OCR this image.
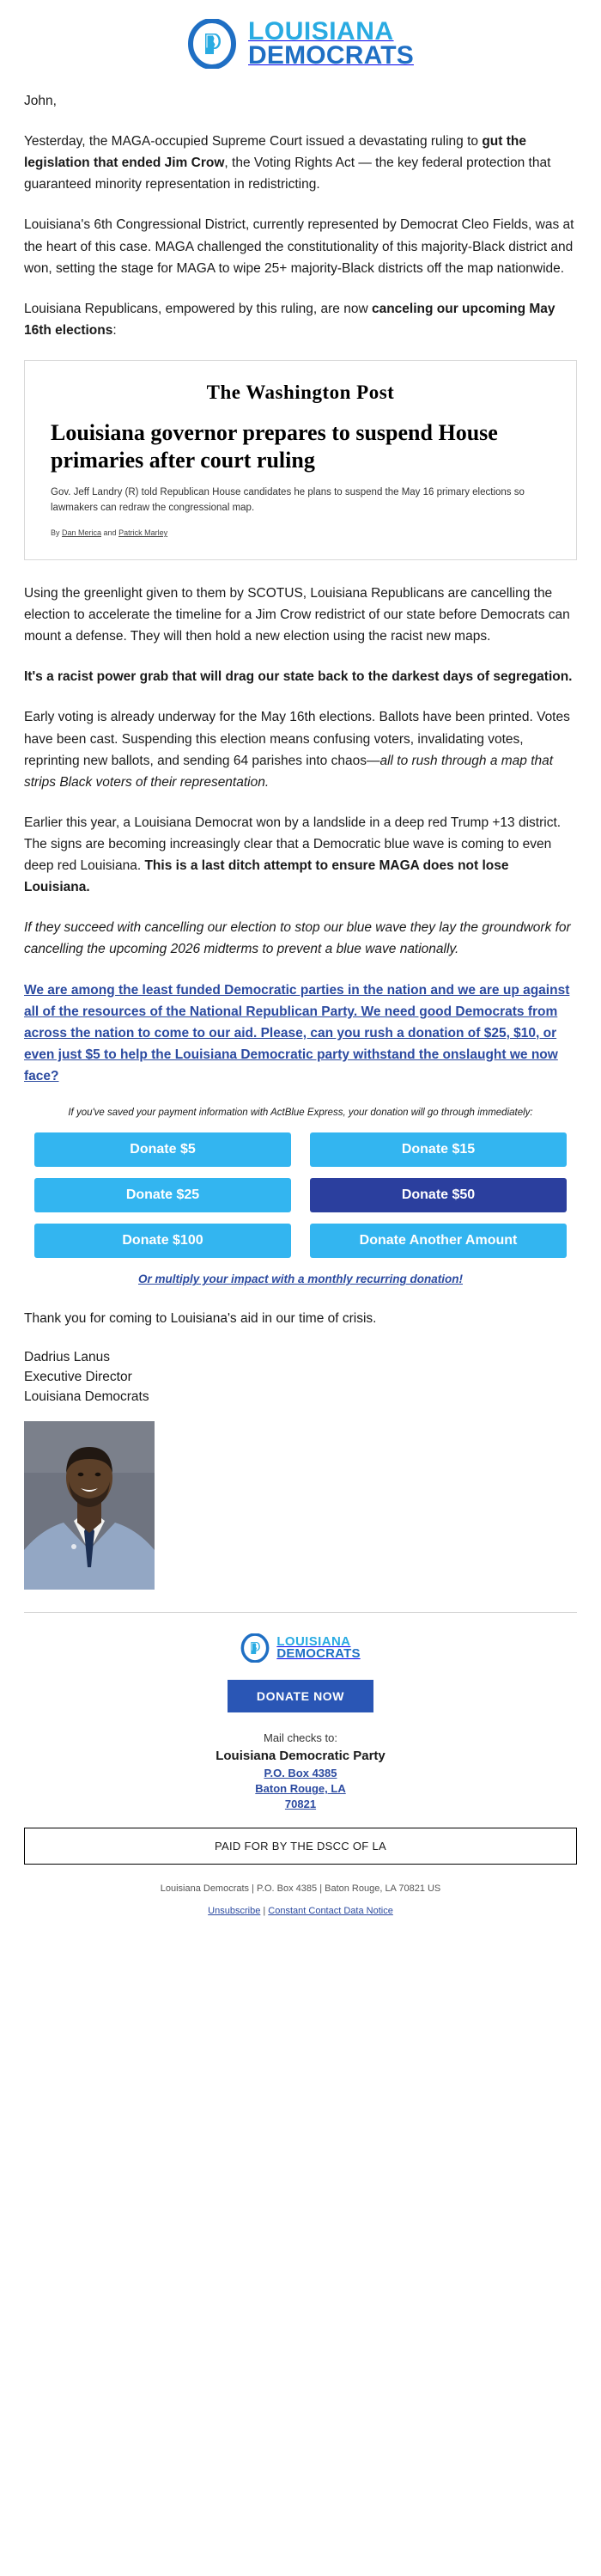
LOUISIANA
DEMOCRATS

John,

Yesterday, the MAGA-occupied Supreme Court issued a devastating ruling to gut the legislation that ended Jim Crow, the Voting Rights Act — the key federal protection that guaranteed minority representation in redistricting.

Louisiana's 6th Congressional District, currently represented by Democrat Cleo Fields, was at the heart of this case. MAGA challenged the constitutionality of this majority-Black district and won, setting the stage for MAGA to wipe 25+ majority-Black districts off the map nationwide.

Louisiana Republicans, empowered by this ruling, are now canceling our upcoming May 16th elections:

The Washington Post
Louisiana governor prepares to suspend House primaries after court ruling
Gov. Jeff Landry (R) told Republican House candidates he plans to suspend the May 16 primary elections so lawmakers can redraw the congressional map.
By Dan Merica and Patrick Marley

Using the greenlight given to them by SCOTUS, Louisiana Republicans are cancelling the election to accelerate the timeline for a Jim Crow redistrict of our state before Democrats can mount a defense. They will then hold a new election using the racist new maps.

It's a racist power grab that will drag our state back to the darkest days of segregation.

Early voting is already underway for the May 16th elections. Ballots have been printed. Votes have been cast. Suspending this election means confusing voters, invalidating votes, reprinting new ballots, and sending 64 parishes into chaos—all to rush through a map that strips Black voters of their representation.

Earlier this year, a Louisiana Democrat won by a landslide in a deep red Trump +13 district. The signs are becoming increasingly clear that a Democratic blue wave is coming to even deep red Louisiana. This is a last ditch attempt to ensure MAGA does not lose Louisiana.

If they succeed with cancelling our election to stop our blue wave they lay the groundwork for cancelling the upcoming 2026 midterms to prevent a blue wave nationally.

We are among the least funded Democratic parties in the nation and we are up against all of the resources of the National Republican Party. We need good Democrats from across the nation to come to our aid. Please, can you rush a donation of $25, $10, or even just $5 to help the Louisiana Democratic party withstand the onslaught we now face?

If you've saved your payment information with ActBlue Express, your donation will go through immediately:
Donate $5	Donate $15
Donate $25	Donate $50
Donate $100	Donate Another Amount
Or multiply your impact with a monthly recurring donation!

Thank you for coming to Louisiana's aid in our time of crisis.

Dadrius Lanus
Executive Director
Louisiana Democrats
LOUISIANA
DEMOCRATS
DONATE NOW

Mail checks to:

Louisiana Democratic Party

P.O. Box 4385
Baton Rouge, LA
70821
PAID FOR BY THE DSCC OF LA

Louisiana Democrats | P.O. Box 4385 | Baton Rouge, LA 70821 US

Unsubscribe | Constant Contact Data Notice
